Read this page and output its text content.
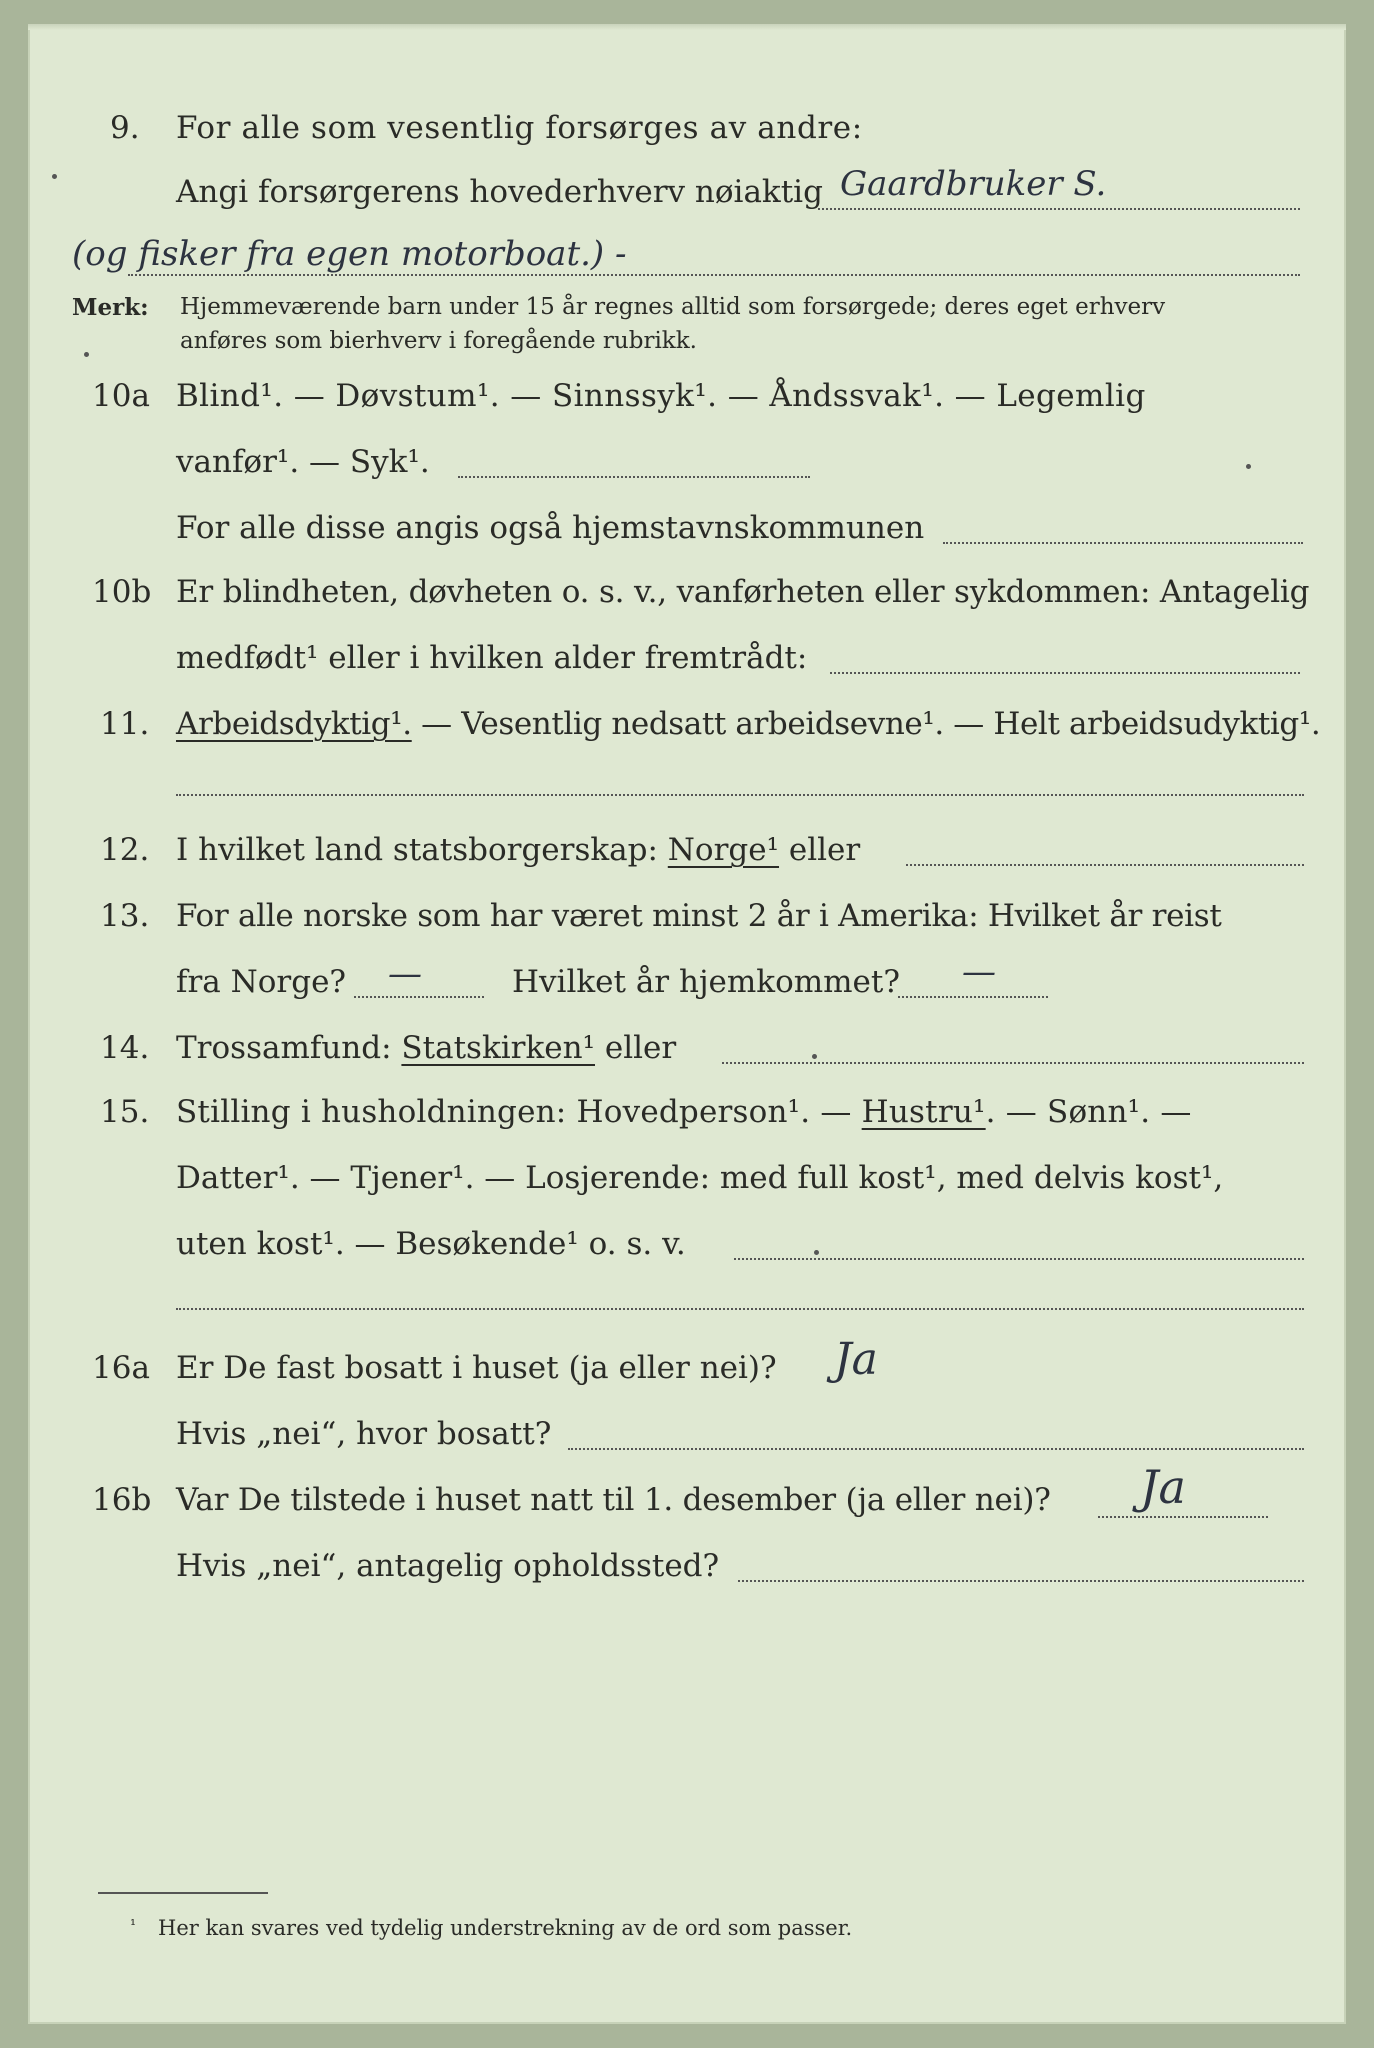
9. For alle som vesentlig forsørges av andre:
Angi forsørgerens hovederhverv nøiaktig Gaardbruker S.
(og fisker fra egen motorboat.) -
Merk: Hjemmeværende barn under 15 år regnes alltid som forsørgede; deres eget erhverv
anføres som bierhverv i foregående rubrikk.
10a Blind¹. — Døvstum¹. — Sinnssyk¹. — Åndssvak¹. — Legemlig
vanfør¹. — Syk¹.
For alle disse angis også hjemstavnskommunen
10b Er blindheten, døvheten o. s. v., vanførheten eller sykdommen: Antagelig
medfødt¹ eller i hvilken alder fremtrådt:
11. Arbeidsdyktig¹. — Vesentlig nedsatt arbeidsevne¹. — Helt arbeidsudyktig¹.
12. I hvilket land statsborgerskap: Norge¹ eller
13. For alle norske som har været minst 2 år i Amerika: Hvilket år reist
fra Norge? —	Hvilket år hjemkommet? —
14. Trossamfund: Statskirken¹ eller
15. Stilling i husholdningen: Hovedperson¹. — Hustru¹. — Sønn¹. —
Datter¹. — Tjener¹. — Losjerende: med full kost¹, med delvis kost¹,
uten kost¹. — Besøkende¹ o. s. v.
16a Er De fast bosatt i huset (ja eller nei)? Ja
Hvis „nei“, hvor bosatt?
16b Var De tilstede i huset natt til 1. desember (ja eller nei)? Ja
Hvis „nei“, antagelig opholdssted?
¹ Her kan svares ved tydelig understrekning av de ord som passer.
